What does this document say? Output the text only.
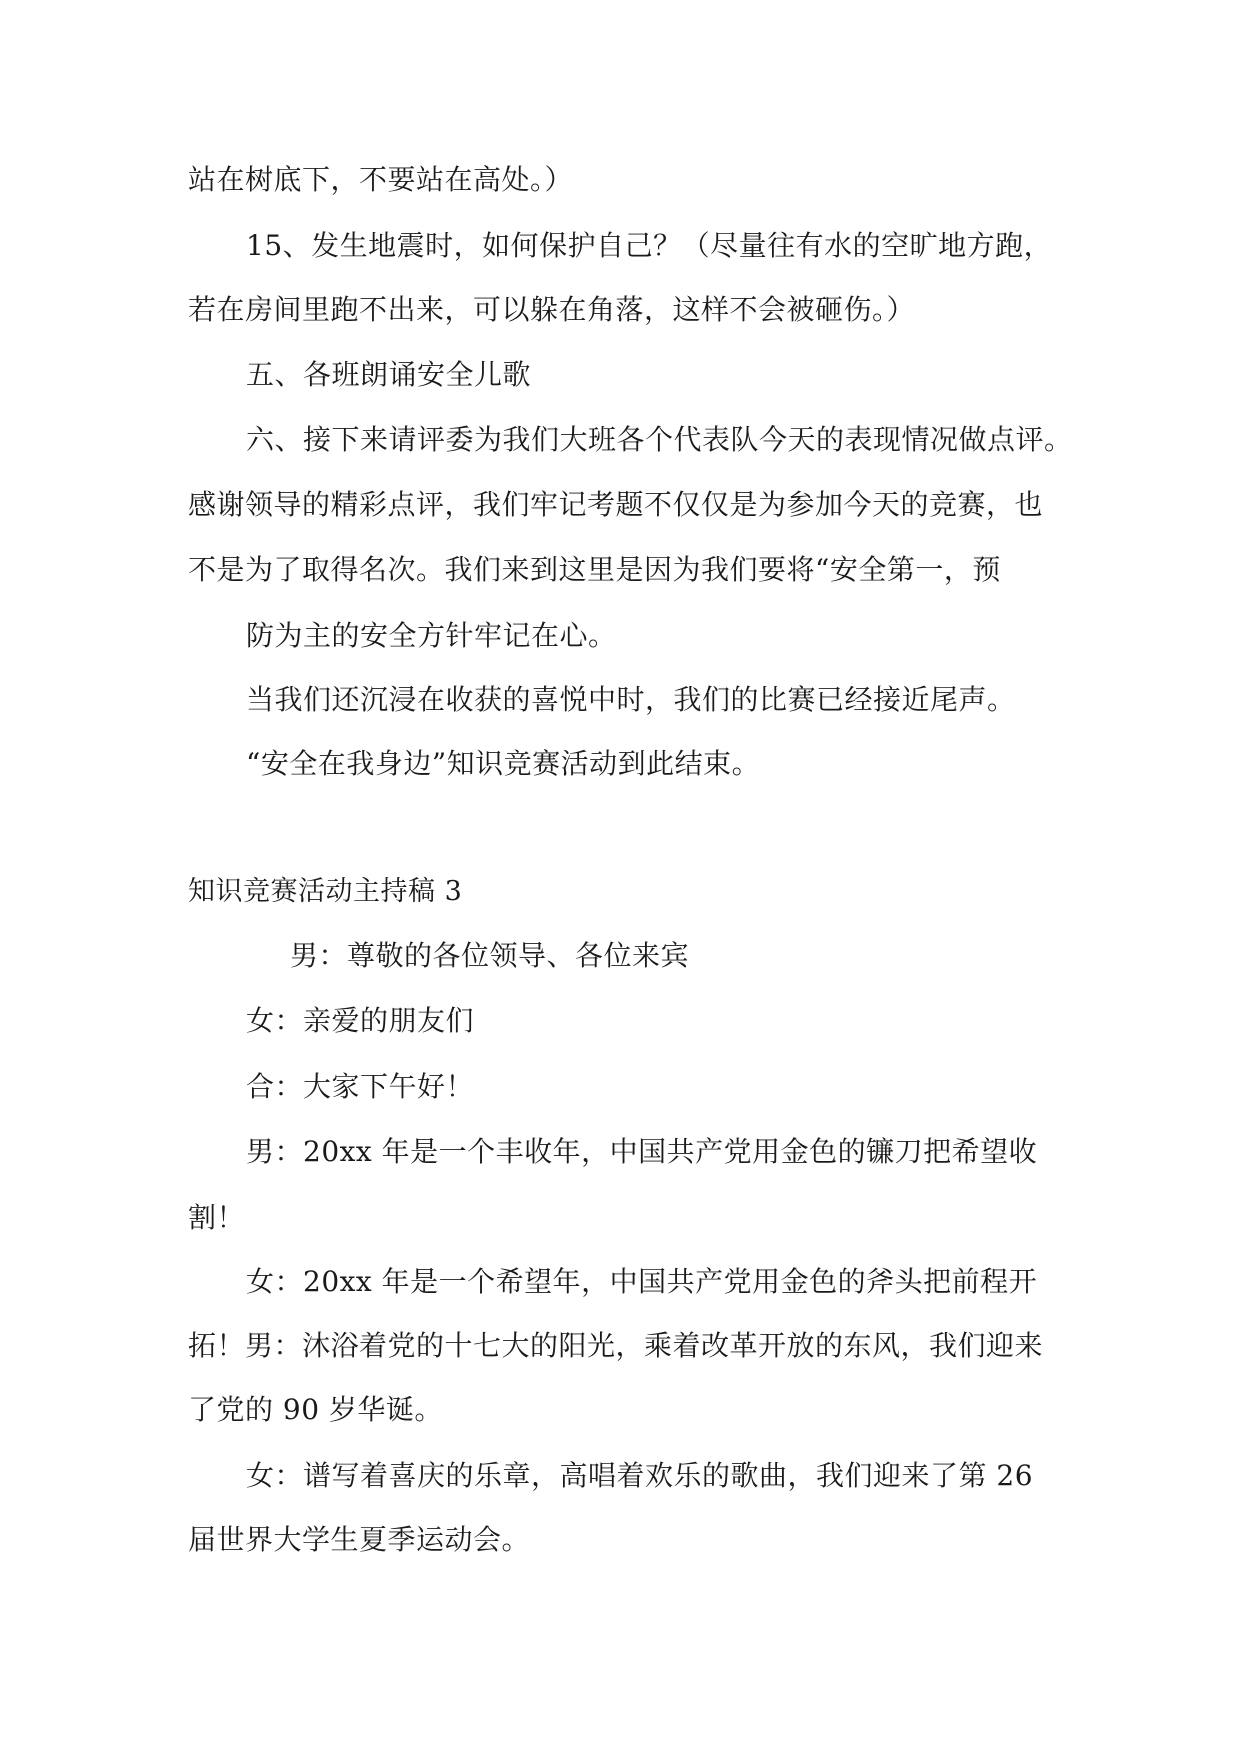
站在树底下，不要站在高处。）
15、发生地震时，如何保护自己？（尽量往有水的空旷地方跑，
若在房间里跑不出来，可以躲在角落，这样不会被砸伤。）
五、各班朗诵安全儿歌
六、接下来请评委为我们大班各个代表队今天的表现情况做点评。
感谢领导的精彩点评，我们牢记考题不仅仅是为参加今天的竞赛，也
不是为了取得名次。我们来到这里是因为我们要将“安全第一，预
防为主的安全方针牢记在心。
当我们还沉浸在收获的喜悦中时，我们的比赛已经接近尾声。
“安全在我身边”知识竞赛活动到此结束。
知识竞赛活动主持稿 3
男：尊敬的各位领导、各位来宾
女：亲爱的朋友们
合：大家下午好！
男：20xx 年是一个丰收年，中国共产党用金色的镰刀把希望收
割！
女：20xx 年是一个希望年，中国共产党用金色的斧头把前程开
拓！男：沐浴着党的十七大的阳光，乘着改革开放的东风，我们迎来
了党的 90 岁华诞。
女：谱写着喜庆的乐章，高唱着欢乐的歌曲，我们迎来了第 26
届世界大学生夏季运动会。
